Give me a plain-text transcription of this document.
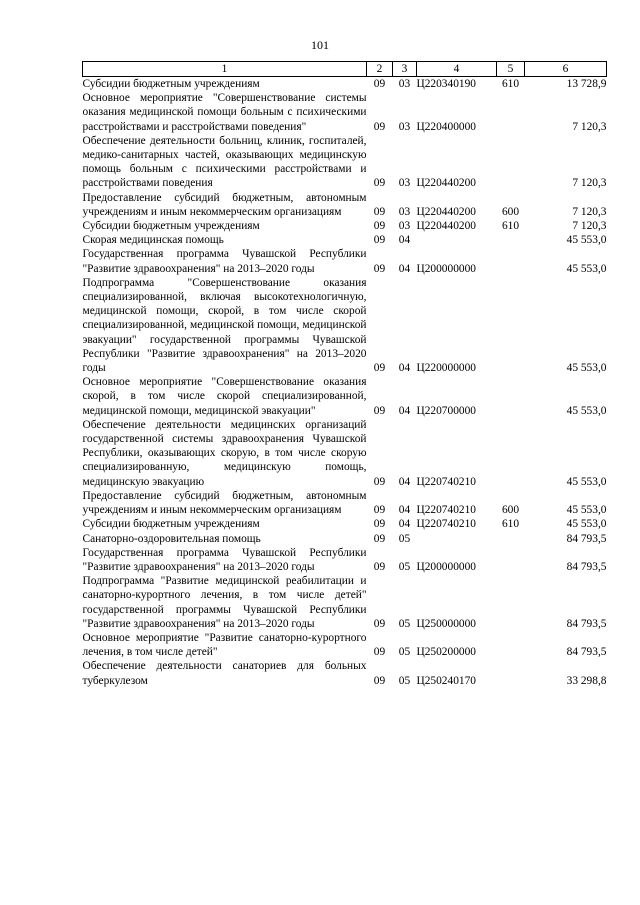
101
1	2	3	4	5	6
Субсидии бюджетным учреждениям	09	03	Ц220340190	610	13 728,9
Основное мероприятие "Совершенствование системы оказания медицинской помощи больным с психическими расстройствами и расстройствами поведения"	09	03	Ц220400000		7 120,3
Обеспечение деятельности больниц, клиник, госпиталей, медико-санитарных частей, оказывающих медицинскую помощь больным с психическими расстройствами и расстройствами поведения	09	03	Ц220440200		7 120,3
Предоставление субсидий бюджетным, автономным учреждениям и иным некоммерческим организациям	09	03	Ц220440200	600	7 120,3
Субсидии бюджетным учреждениям	09	03	Ц220440200	610	7 120,3
Скорая медицинская помощь	09	04			45 553,0
Государственная программа Чувашской Республики "Развитие здравоохранения" на 2013–2020 годы	09	04	Ц200000000		45 553,0
Подпрограмма "Совершенствование оказания специализированной, включая высокотехнологичную, медицинской помощи, скорой, в том числе скорой специализированной, медицинской помощи, медицинской эвакуации" государственной программы Чувашской Республики "Развитие здравоохранения" на 2013–2020 годы	09	04	Ц220000000		45 553,0
Основное мероприятие "Совершенствование оказания скорой, в том числе скорой специализированной, медицинской помощи, медицинской эвакуации"	09	04	Ц220700000		45 553,0
Обеспечение деятельности медицинских организаций государственной системы здравоохранения Чувашской Республики, оказывающих скорую, в том числе скорую специализированную, медицинскую помощь, медицинскую эвакуацию	09	04	Ц220740210		45 553,0
Предоставление субсидий бюджетным, автономным учреждениям и иным некоммерческим организациям	09	04	Ц220740210	600	45 553,0
Субсидии бюджетным учреждениям	09	04	Ц220740210	610	45 553,0
Санаторно-оздоровительная помощь	09	05			84 793,5
Государственная программа Чувашской Республики "Развитие здравоохранения" на 2013–2020 годы	09	05	Ц200000000		84 793,5
Подпрограмма "Развитие медицинской реабилитации и санаторно-курортного лечения, в том числе детей" государственной программы Чувашской Республики "Развитие здравоохранения" на 2013–2020 годы	09	05	Ц250000000		84 793,5
Основное мероприятие "Развитие санаторно-курортного лечения, в том числе детей"	09	05	Ц250200000		84 793,5
Обеспечение деятельности санаториев для больных туберкулезом	09	05	Ц250240170		33 298,8
